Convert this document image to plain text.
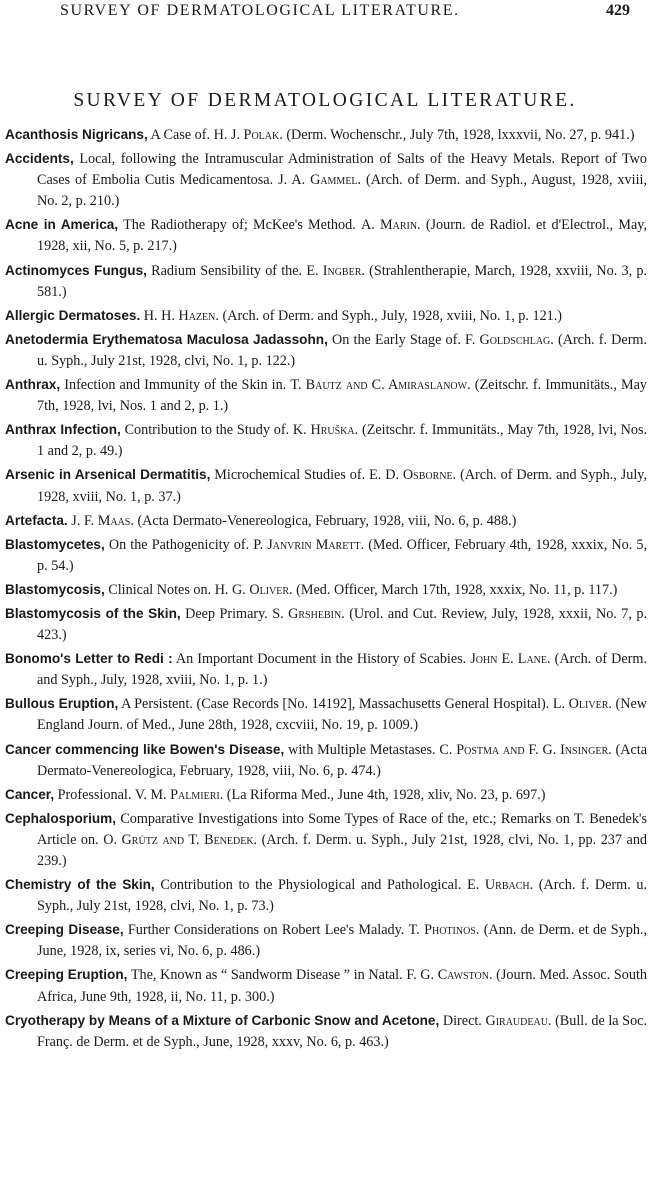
SURVEY OF DERMATOLOGICAL LITERATURE.	429
SURVEY OF DERMATOLOGICAL LITERATURE.

Acanthosis Nigricans, A Case of. H. J. Polak. (Derm. Wochenschr., July 7th, 1928, lxxxvii, No. 27, p. 941.)

Accidents, Local, following the Intramuscular Administration of Salts of the Heavy Metals. Report of Two Cases of Embolia Cutis Medicamentosa. J. A. Gammel. (Arch. of Derm. and Syph., August, 1928, xviii, No. 2, p. 210.)

Acne in America, The Radiotherapy of; McKee's Method. A. Marin. (Journ. de Radiol. et d'Electrol., May, 1928, xii, No. 5, p. 217.)

Actinomyces Fungus, Radium Sensibility of the. E. Ingber. (Strahlentherapie, March, 1928, xxviii, No. 3, p. 581.)

Allergic Dermatoses. H. H. Hazen. (Arch. of Derm. and Syph., July, 1928, xviii, No. 1, p. 121.)

Anetodermia Erythematosa Maculosa Jadassohn, On the Early Stage of. F. Goldschlag. (Arch. f. Derm. u. Syph., July 21st, 1928, clvi, No. 1, p. 122.)

Anthrax, Infection and Immunity of the Skin in. T. Bautz and C. Amiraslanow. (Zeitschr. f. Immunitäts., May 7th, 1928, lvi, Nos. 1 and 2, p. 1.)

Anthrax Infection, Contribution to the Study of. K. Hruška. (Zeitschr. f. Immunitäts., May 7th, 1928, lvi, Nos. 1 and 2, p. 49.)

Arsenic in Arsenical Dermatitis, Microchemical Studies of. E. D. Osborne. (Arch. of Derm. and Syph., July, 1928, xviii, No. 1, p. 37.)

Artefacta. J. F. Maas. (Acta Dermato-Venereologica, February, 1928, viii, No. 6, p. 488.)

Blastomycetes, On the Pathogenicity of. P. Janvrin Marett. (Med. Officer, February 4th, 1928, xxxix, No. 5, p. 54.)

Blastomycosis, Clinical Notes on. H. G. Oliver. (Med. Officer, March 17th, 1928, xxxix, No. 11, p. 117.)

Blastomycosis of the Skin, Deep Primary. S. Grshebin. (Urol. and Cut. Review, July, 1928, xxxii, No. 7, p. 423.)

Bonomo's Letter to Redi : An Important Document in the History of Scabies. John E. Lane. (Arch. of Derm. and Syph., July, 1928, xviii, No. 1, p. 1.)

Bullous Eruption, A Persistent. (Case Records [No. 14192], Massachusetts General Hospital). L. Oliver. (New England Journ. of Med., June 28th, 1928, cxcviii, No. 19, p. 1009.)

Cancer commencing like Bowen's Disease, with Multiple Metastases. C. Postma and F. G. Insinger. (Acta Dermato-Venereologica, February, 1928, viii, No. 6, p. 474.)

Cancer, Professional. V. M. Palmieri. (La Riforma Med., June 4th, 1928, xliv, No. 23, p. 697.)

Cephalosporium, Comparative Investigations into Some Types of Race of the, etc.; Remarks on T. Benedek's Article on. O. Grütz and T. Benedek. (Arch. f. Derm. u. Syph., July 21st, 1928, clvi, No. 1, pp. 237 and 239.)

Chemistry of the Skin, Contribution to the Physiological and Pathological. E. Urbach. (Arch. f. Derm. u. Syph., July 21st, 1928, clvi, No. 1, p. 73.)

Creeping Disease, Further Considerations on Robert Lee's Malady. T. Photinos. (Ann. de Derm. et de Syph., June, 1928, ix, series vi, No. 6, p. 486.)

Creeping Eruption, The, Known as “ Sandworm Disease ” in Natal. F. G. Cawston. (Journ. Med. Assoc. South Africa, June 9th, 1928, ii, No. 11, p. 300.)

Cryotherapy by Means of a Mixture of Carbonic Snow and Acetone, Direct. Giraudeau. (Bull. de la Soc. Franç. de Derm. et de Syph., June, 1928, xxxv, No. 6, p. 463.)
